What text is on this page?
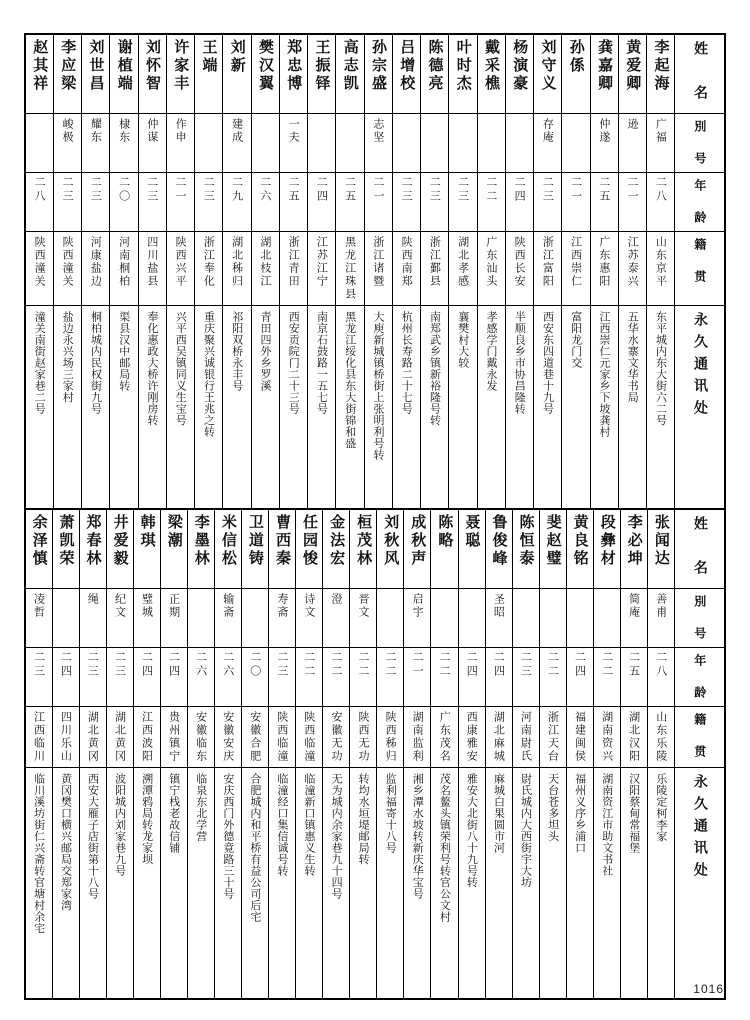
赵其祥	李应梁	刘世昌	谢植端	刘怀智	许家丰	王端	刘新	樊汉翼	郑忠博	王振铎	高志凯	孙宗盛	吕增校	陈德亮	叶时杰	戴采樵	杨演豪	刘守义	孙係	龚嘉卿	黄爱卿	李起海	姓　名
	峻极	耀东	棣东	仲谋	作申		建成		一夫			志坚						存庵		仲遂	逊	广福	別　号
二八	二三	二三	二〇	二三	二一	二三	二九	二六	二五	二四	二五	二一	二三	二三	二三	二二	二四	二三	二一	二五	二一	二八	年　龄
陕西潼关	陕西潼关	河康盐边	河南桐柏	四川盐县	陕西兴平	浙江奉化	湖北秭归	湖北枝江	浙江青田	江苏江宁	黑龙江珠县	浙江诸暨	陕西南郑	浙江鄞县	湖北孝感	广东汕头	陕西长安	浙江富阳	江西崇仁	广东惠阳	江苏泰兴	山东京平	籍　贯
潼关南街赵家巷二号	盐边永兴场三家村	桐柏城内民权街九号	渠县汉中邮局转	奉化惠政大桥许刚房转	兴平西吴镇同义生宝号	重庆聚兴诚银行王兆之转	祁阳双桥永丰号	青田四外乡罗溪	西安贡院门二十三号	南京石鼓路一五七号	黑龙江绥化县东大街锦和盛	大庾新城镇桥街上张明利号转	杭州长寿路二十七号	南郑武乡镇新裕隆号转	襄樊村大较	孝感学门戴永发	半顺良乡市协昌隆转	西安东四道巷十九号	富阳龙门交	江西崇仁元家乡下坡龚村	五华水寨文华书局	东平城内东大街六二号	永久通讯处
余泽慎	萧凯荣	郑春林	井爱毅	韩琪	梁潮	李墨林	米信松	卫道铸	曹西秦	任园悛	金法宏	桓茂林	刘秋风	成秋声	陈略	聂聪	鲁俊峰	陈恒泰	斐赵璧	黄良铭	段彝材	李必坤	张闻达	姓　名
凌哲		绳	纪文	璧城	正期		输斋		寿斋	诗文	澄	晋文		启宇			圣昭					简庵	善甫	別　号
二三	二四	二三	二三	二四	二四	二六	二六	二〇	二三	二二	二二	二二	二二	二一	二二	二四	二四	二三	二二	二四	二二	二五	二八	年　龄
江西临川	四川乐山	湖北黄冈	湖北黄冈	江西波阳	贵州镇宁	安徽临东	安徽安庆	安徽合肥	陕西临潼	陕西临潼	安徽无功	陕西无功	陕西秭归	湖南监利	广东茂名	西康雅安	湖北麻城	河南尉氏	浙江天台	福建闽侯	湖南资兴	湖北汉阳	山东乐陵	籍　贯
临川溪坊街仁兴斋转官塘村余宅	黄冈樊口横兴邮局交郑家湾	西安大雁子店街第十八号	波阳城内刘家巷九号	溯潭鸦局转龙家坝	镇宁栈老故信铺	临泉东北学营	安庆西门外德竟路三十号	合肥城内和平桥有益公司后宅	临潼经口集信诚号转	临潼新口镇惠义生转	无为城内余家巷九十四号	转均水垣堤邮局转	监利福寄十八号	湘乡潭水坡转新庆华宝号	茂名鳌头镇荣利号转官公文村	雅安大北街八十九号转	麻城白果圆市河	尉氏城内大西街宇大坊	天台苍多坦头	福州义序乡浦口	湖南资江市助文书社	汉阳蔡甸常福堡	乐陵定柯李家	永久通讯处
1016
